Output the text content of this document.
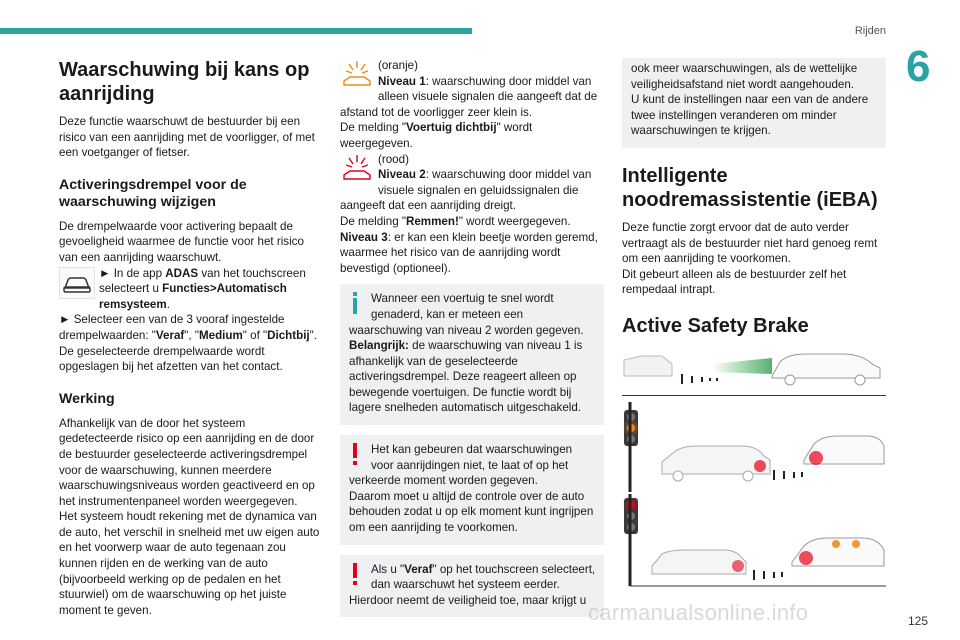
Rijden
6
125
Waarschuwing bij kans op aanrijding

Deze functie waarschuwt de bestuurder bij een risico van een aanrijding met de voorligger, of met een voetganger of fietser.

Activeringsdrempel voor de waarschuwing wijzigen

De drempelwaarde voor activering bepaalt de gevoeligheid waarmee de functie voor het risico van een aanrijding waarschuwt.

► In de app ADAS van het touchscreen selecteert u Functies>Automatisch remsysteem.

► Selecteer een van de 3 vooraf ingestelde drempelwaarden: "Veraf", "Medium" of "Dichtbij".

De geselecteerde drempelwaarde wordt opgeslagen bij het afzetten van het contact.

Werking

Afhankelijk van de door het systeem gedetecteerde risico op een aanrijding en de door de bestuurder geselecteerde activeringsdrempel voor de waarschuwing, kunnen meerdere waarschuwingsniveaus worden geactiveerd en op het instrumentenpaneel worden weergegeven.

Het systeem houdt rekening met de dynamica van de auto, het verschil in snelheid met uw eigen auto en het voorwerp waar de auto tegenaan zou kunnen rijden en de werking van de auto (bijvoorbeeld werking op de pedalen en het stuurwiel) om de waarschuwing op het juiste moment te geven.

(oranje)

Niveau 1: waarschuwing door middel van alleen visuele signalen die aangeeft dat de afstand tot de voorligger zeer klein is.

De melding "Voertuig dichtbij" wordt weergegeven.

(rood)

Niveau 2: waarschuwing door middel van visuele signalen en geluidssignalen die aangeeft dat een aanrijding dreigt.

De melding "Remmen!" wordt weergegeven.

Niveau 3: er kan een klein beetje worden geremd, waarmee het risico van de aanrijding wordt bevestigd (optioneel).

Wanneer een voertuig te snel wordt genaderd, kan er meteen een waarschuwing van niveau 2 worden gegeven.

Belangrijk: de waarschuwing van niveau 1 is afhankelijk van de geselecteerde activeringsdrempel. Deze reageert alleen op bewegende voertuigen. De functie wordt bij lagere snelheden automatisch uitgeschakeld.

Het kan gebeuren dat waarschuwingen voor aanrijdingen niet, te laat of op het verkeerde moment worden gegeven.

Daarom moet u altijd de controle over de auto behouden zodat u op elk moment kunt ingrijpen om een aanrijding te voorkomen.

Als u "Veraf" op het touchscreen selecteert, dan waarschuwt het systeem eerder. Hierdoor neemt de veiligheid toe, maar krijgt u

ook meer waarschuwingen, als de wettelijke veiligheidsafstand niet wordt aangehouden.

U kunt de instellingen naar een van de andere twee instellingen veranderen om minder waarschuwingen te krijgen.

Intelligente noodremassistentie (iEBA)

Deze functie zorgt ervoor dat de auto verder vertraagt als de bestuurder niet hard genoeg remt om een aanrijding te voorkomen.

Dit gebeurt alleen als de bestuurder zelf het rempedaal intrapt.

Active Safety Brake
carmanualsonline.info
